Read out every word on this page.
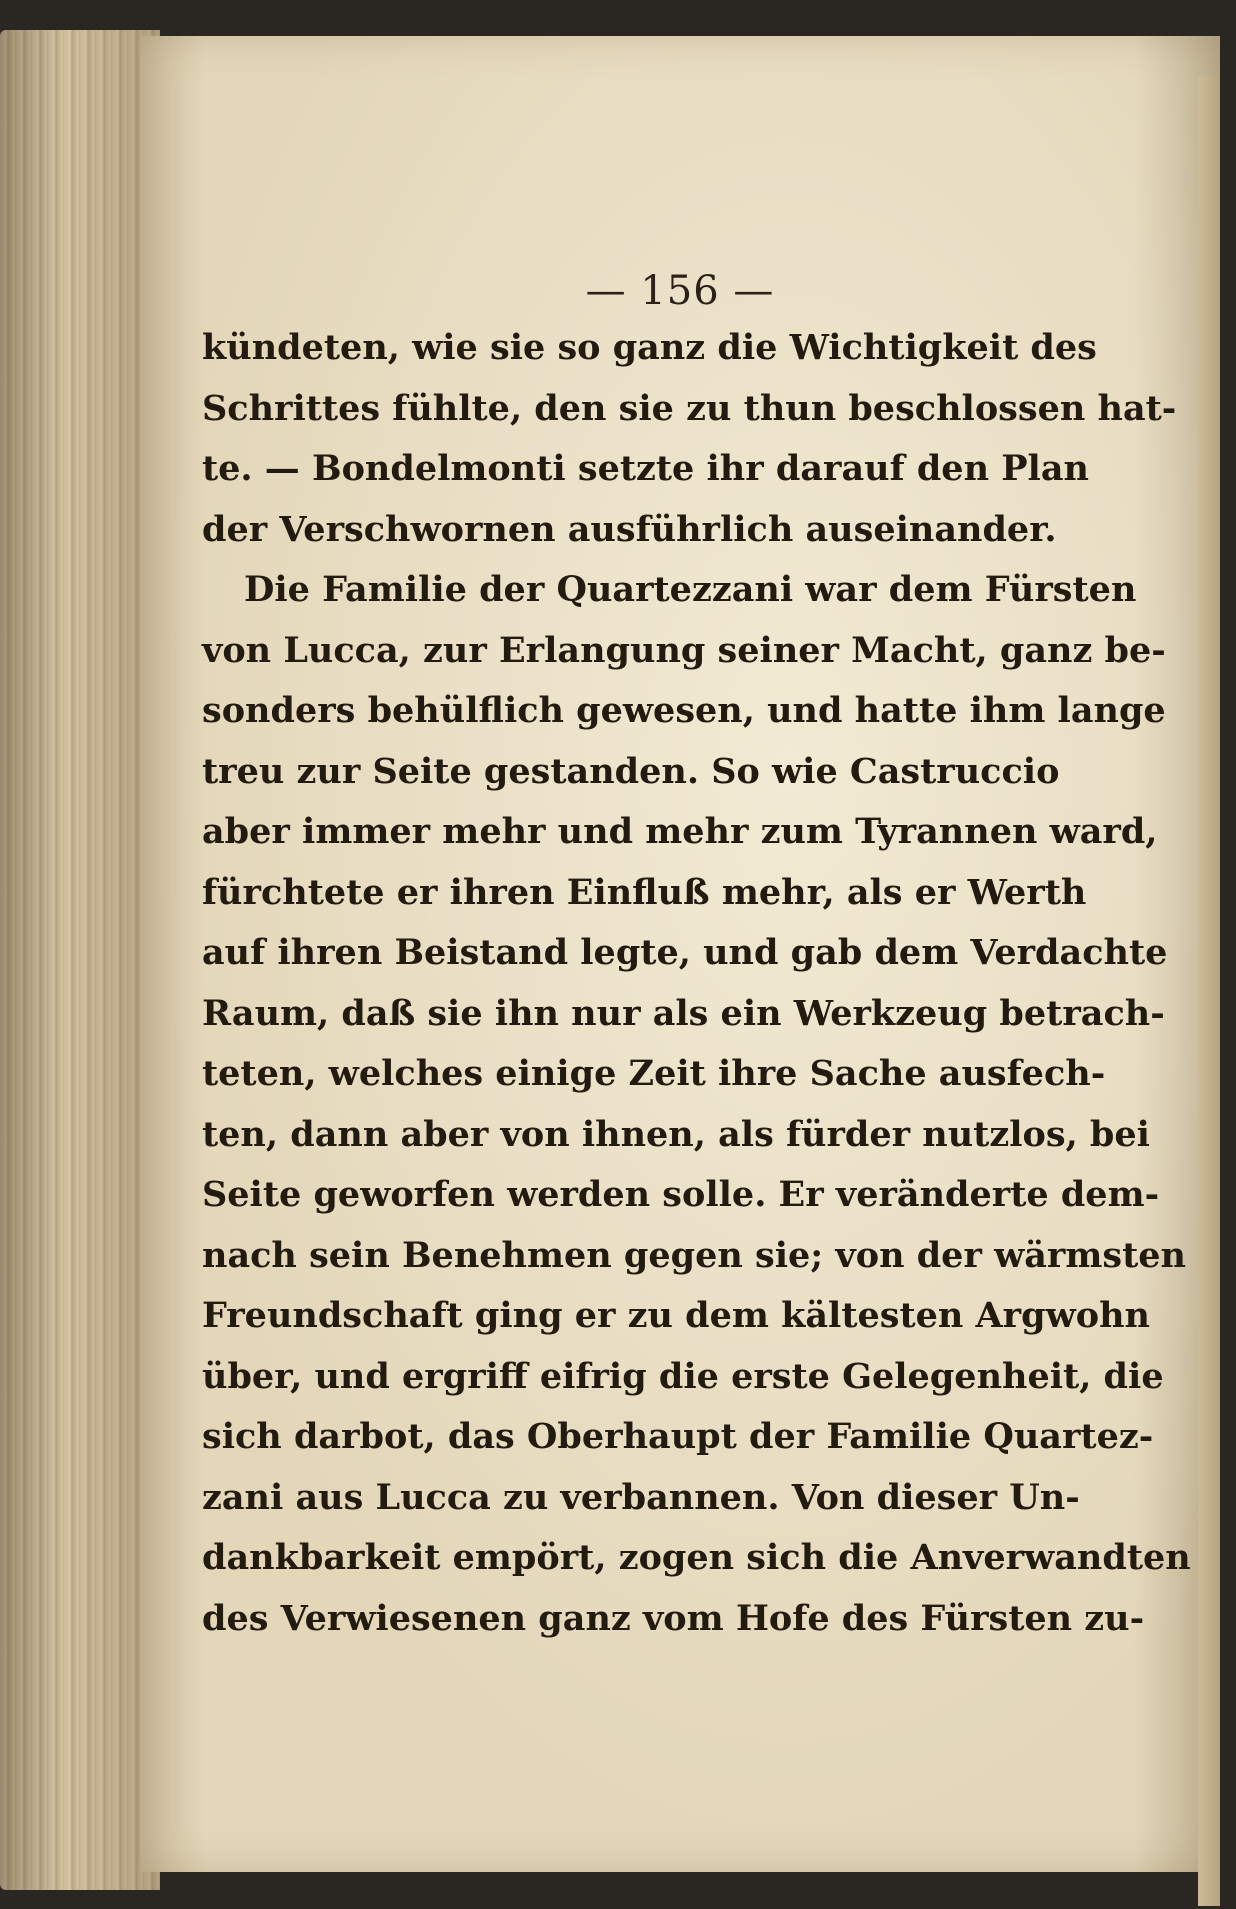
— 156 —

kündeten, wie sie so ganz die Wichtigkeit des
Schrittes fühlte, den sie zu thun beschlossen hat-
te. — Bondelmonti setzte ihr darauf den Plan
der Verschwornen ausführlich auseinander.
Die Familie der Quartezzani war dem Fürsten
von Lucca, zur Erlangung seiner Macht, ganz be-
sonders behülflich gewesen, und hatte ihm lange
treu zur Seite gestanden. So wie Castruccio
aber immer mehr und mehr zum Tyrannen ward,
fürchtete er ihren Einfluß mehr, als er Werth
auf ihren Beistand legte, und gab dem Verdachte
Raum, daß sie ihn nur als ein Werkzeug betrach-
teten, welches einige Zeit ihre Sache ausfech-
ten, dann aber von ihnen, als fürder nutzlos, bei
Seite geworfen werden solle. Er veränderte dem-
nach sein Benehmen gegen sie; von der wärmsten
Freundschaft ging er zu dem kältesten Argwohn
über, und ergriff eifrig die erste Gelegenheit, die
sich darbot, das Oberhaupt der Familie Quartez-
zani aus Lucca zu verbannen. Von dieser Un-
dankbarkeit empört, zogen sich die Anverwandten
des Verwiesenen ganz vom Hofe des Fürsten zu-
